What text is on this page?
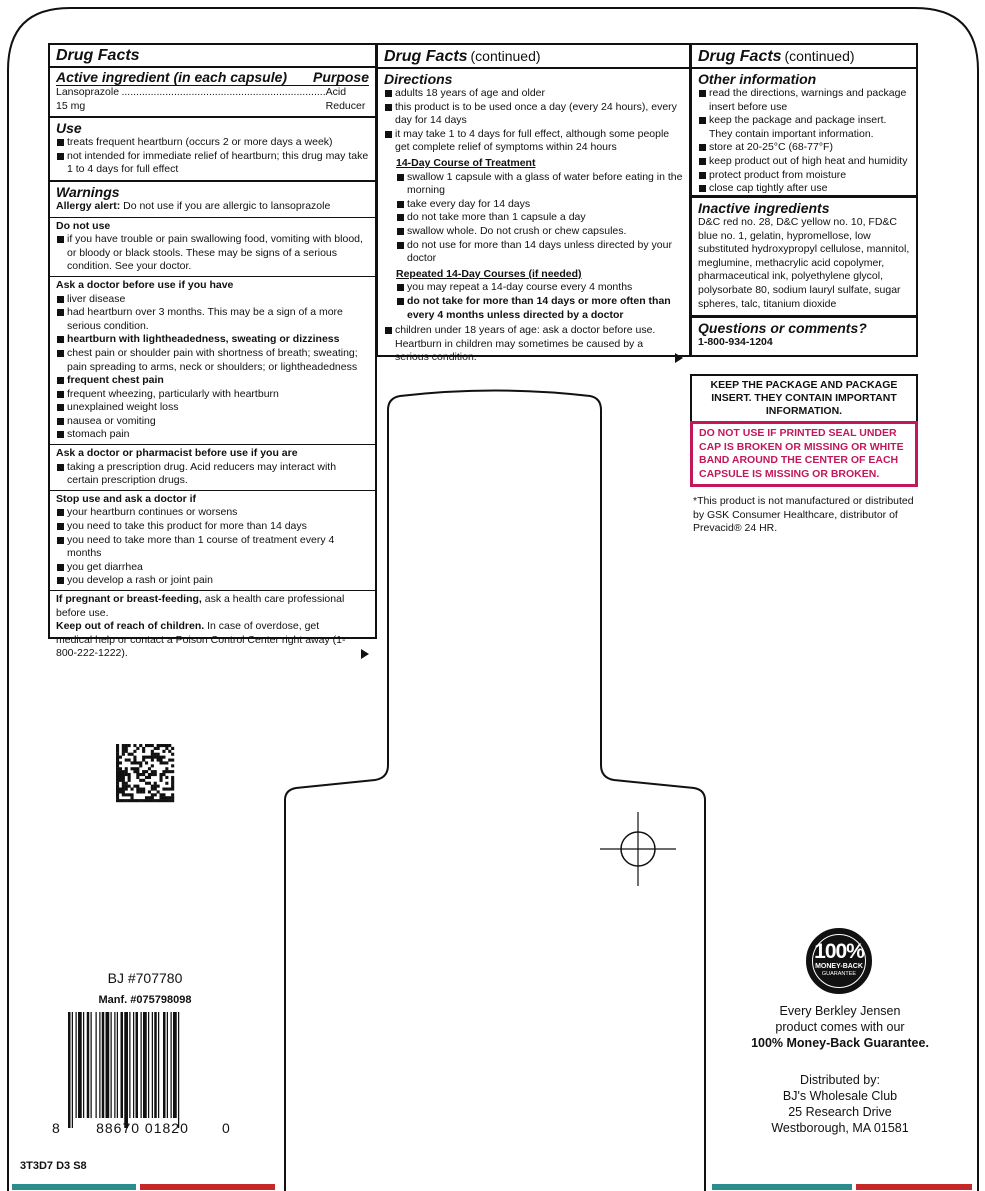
Drug Facts
Active ingredient (in each capsule) Purpose
Lansoprazole 15 mg
...................................................................... Acid Reducer
Use
treats frequent heartburn (occurs 2 or more days a week)
not intended for immediate relief of heartburn; this drug may take 1 to 4 days for full effect
Warnings
Allergy alert: Do not use if you are allergic to lansoprazole
Do not use
if you have trouble or pain swallowing food, vomiting with blood, or bloody or black stools. These may be signs of a serious condition. See your doctor.
Ask a doctor before use if you have
liver disease
had heartburn over 3 months. This may be a sign of a more serious condition.
heartburn with lightheadedness, sweating or dizziness
chest pain or shoulder pain with shortness of breath; sweating; pain spreading to arms, neck or shoulders; or lightheadedness
frequent chest pain
frequent wheezing, particularly with heartburn
unexplained weight loss
nausea or vomiting
stomach pain
Ask a doctor or pharmacist before use if you are
taking a prescription drug. Acid reducers may interact with certain prescription drugs.
Stop use and ask a doctor if
your heartburn continues or worsens
you need to take this product for more than 14 days
you need to take more than 1 course of treatment every 4 months
you get diarrhea
you develop a rash or joint pain
If pregnant or breast-feeding, ask a health care professional before use.
Keep out of reach of children. In case of overdose, get medical help or contact a Poison Control Center right away (1-800-222-1222).
Drug Facts (continued)
Directions
adults 18 years of age and older
this product is to be used once a day (every 24 hours), every day for 14 days
it may take 1 to 4 days for full effect, although some people get complete relief of symptoms within 24 hours
14-Day Course of Treatment
swallow 1 capsule with a glass of water before eating in the morning
take every day for 14 days
do not take more than 1 capsule a day
swallow whole. Do not crush or chew capsules.
do not use for more than 14 days unless directed by your doctor
Repeated 14-Day Courses (if needed)
you may repeat a 14-day course every 4 months
do not take for more than 14 days or more often than every 4 months unless directed by a doctor
children under 18 years of age: ask a doctor before use. Heartburn in children may sometimes be caused by a serious condition.
Drug Facts (continued)
Other information
read the directions, warnings and package insert before use
keep the package and package insert. They contain important information.
store at 20-25°C (68-77°F)
keep product out of high heat and humidity
protect product from moisture
close cap tightly after use
Inactive ingredients
D&C red no. 28, D&C yellow no. 10, FD&C blue no. 1, gelatin, hypromellose, low substituted hydroxypropyl cellulose, mannitol, meglumine, methacrylic acid copolymer, pharmaceutical ink, polyethylene glycol, polysorbate 80, sodium lauryl sulfate, sugar spheres, talc, titanium dioxide
Questions or comments?
1-800-934-1204
KEEP THE PACKAGE AND PACKAGE INSERT. THEY CONTAIN IMPORTANT INFORMATION.
DO NOT USE IF PRINTED SEAL UNDER CAP IS BROKEN OR MISSING OR WHITE BAND AROUND THE CENTER OF EACH CAPSULE IS MISSING OR BROKEN.
*This product is not manufactured or distributed by GSK Consumer Healthcare, distributor of Prevacid® 24 HR.
BJ #707780
Manf. #075798098
8	88670 01820	0
3T3D7 D3 S8
100%
MONEY-BACK
GUARANTEE
Every Berkley Jensen
product comes with our
100% Money-Back Guarantee.
Distributed by:
BJ's Wholesale Club
25 Research Drive
Westborough, MA 01581
